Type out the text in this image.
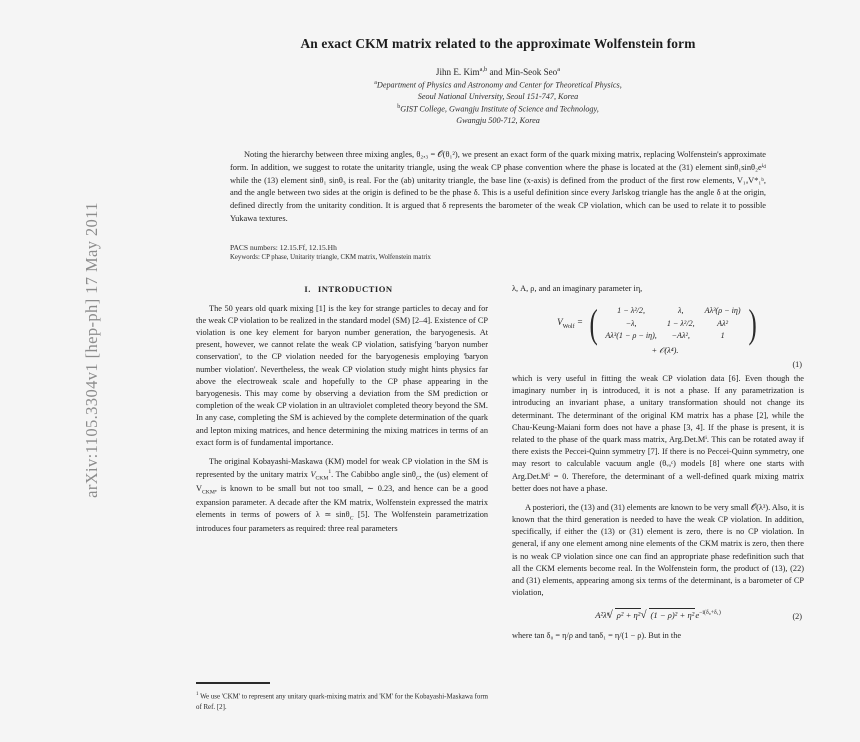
arXiv:1105.3304v1 [hep-ph] 17 May 2011
An exact CKM matrix related to the approximate Wolfenstein form
Jihn E. Kim$^{a,b}$ and Min-Seok Seo$^a$
$^a$Department of Physics and Astronomy and Center for Theoretical Physics,
Seoul National University, Seoul 151-747, Korea
$^b$GIST College, Gwangju Institute of Science and Technology,
Gwangju 500-712, Korea

Noting the hierarchy between three mixing angles, θ₂,₃ = 𝒪(θ₁²), we present an exact form of the quark mixing matrix, replacing Wolfenstein's approximate form. In addition, we suggest to rotate the unitarity triangle, using the weak CP phase convention where the phase is located at the (31) element sinθ₁sinθ₂eⁱᵈ while the (13) element sinθ₁ sinθ₃ is real. For the (ab) unitarity triangle, the base line (x-axis) is defined from the product of the first row elements, V₁ₐV*₁ᵇ, and the angle between two sides at the origin is defined to be the phase δ. This is a useful definition since every Jarlskog triangle has the angle δ at the origin, defined directly from the unitarity condition. It is argued that δ represents the barometer of the weak CP violation, which can be used to relate it to possible Yukawa textures.

PACS numbers: 12.15.Ff, 12.15.Hh
Keywords: CP phase, Unitarity triangle, CKM matrix, Wolfenstein matrix

I. INTRODUCTION

The 50 years old quark mixing [1] is the key for strange particles to decay and for the weak CP violation to be realized in the standard model (SM) [2–4]. Existence of CP violation is one key element for baryon number generation, the baryogenesis. At present, however, we cannot relate the weak CP violation, satisfying 'baryon number conservation', to the CP violation needed for the baryogenesis employing 'baryon number violation'. Nevertheless, the weak CP violation study might hints physics far above the electroweak scale and hopefully to the CP phase appearing in the baryogenesis. This may come by observing a deviation from the SM prediction or completion of the weak CP violation in an ultraviolet completed theory beyond the SM. In any case, completing the SM is achieved by the complete determination of the quark and lepton mixing matrices, and hence determining the mixing matrices in terms of an exact form is of fundamental importance.

The original Kobayashi-Maskawa (KM) model for weak CP violation in the SM is represented by the unitary matrix $V_{CKM}^1$. The Cabibbo angle sinθ$_C$, the (us) element of $V_{CKM}$, is known to be small but not too small, ∼ 0.23, and hence can be a good expansion parameter. A decade after the KM matrix, Wolfenstein expressed the matrix elements in terms of powers of λ ≃ sinθ$_C$ [5]. The Wolfenstein parametrization introduces four parameters as required: three real parameters

$^1$ We use 'CKM' to represent any unitary quark-mixing matrix and 'KM' for the Kobayashi-Maskawa form of Ref. [2].

λ, A, ρ, and an imaginary parameter iη,

$V_{Wolf}$ = ( 1 − λ²/2,	λ,	Aλ³(ρ − iη)
−λ,	1 − λ²/2,	Aλ²
Aλ³(1 − ρ − iη),	−Aλ²,	1 )
+ 𝒪(λ⁴).
(1)

which is very useful in fitting the weak CP violation data [6]. Even though the imaginary number iη is introduced, it is not a phase. If any parametrization is introducing an invariant phase, a unitary transformation should not change its determinant. The determinant of the original KM matrix has a phase [2], while the Chau-Keung-Maiani form does not have a phase [3, 4]. If the phase is present, it is related to the phase of the quark mass matrix, Arg.Det.Mⁱ. This can be rotated away if there exists the Peccei-Quinn symmetry [7]. If there is no Peccei-Quinn symmetry, one may resort to calculable vacuum angle (θᵥₐᶜ) models [8] where one starts with Arg.Det.Mⁱ = 0. Therefore, the determinant of a well-defined quark mixing matrix better does not have a phase.

A posteriori, the (13) and (31) elements are known to be very small 𝒪(λ³). Also, it is known that the third generation is needed to have the weak CP violation. In addition, specifically, if either the (13) or (31) element is zero, there is no CP violation. In general, if any one element among nine elements of the CKM matrix is zero, then there is no weak CP violation since one can find an appropriate phase redefinition such that all the CKM elements become real. In the Wolfenstein form, the product of (13), (22) and (31) elements, appearing among six terms of the determinant, is a barometer of CP violation,

A²λ⁶ √ ρ² + η² √ $(1 - \rho)^2 + \eta^2e^{-i(\delta_0+\delta_1)}$	(2)

where tan δ₀ = η/ρ and tanδ₁ = η/(1 − ρ). But in the
